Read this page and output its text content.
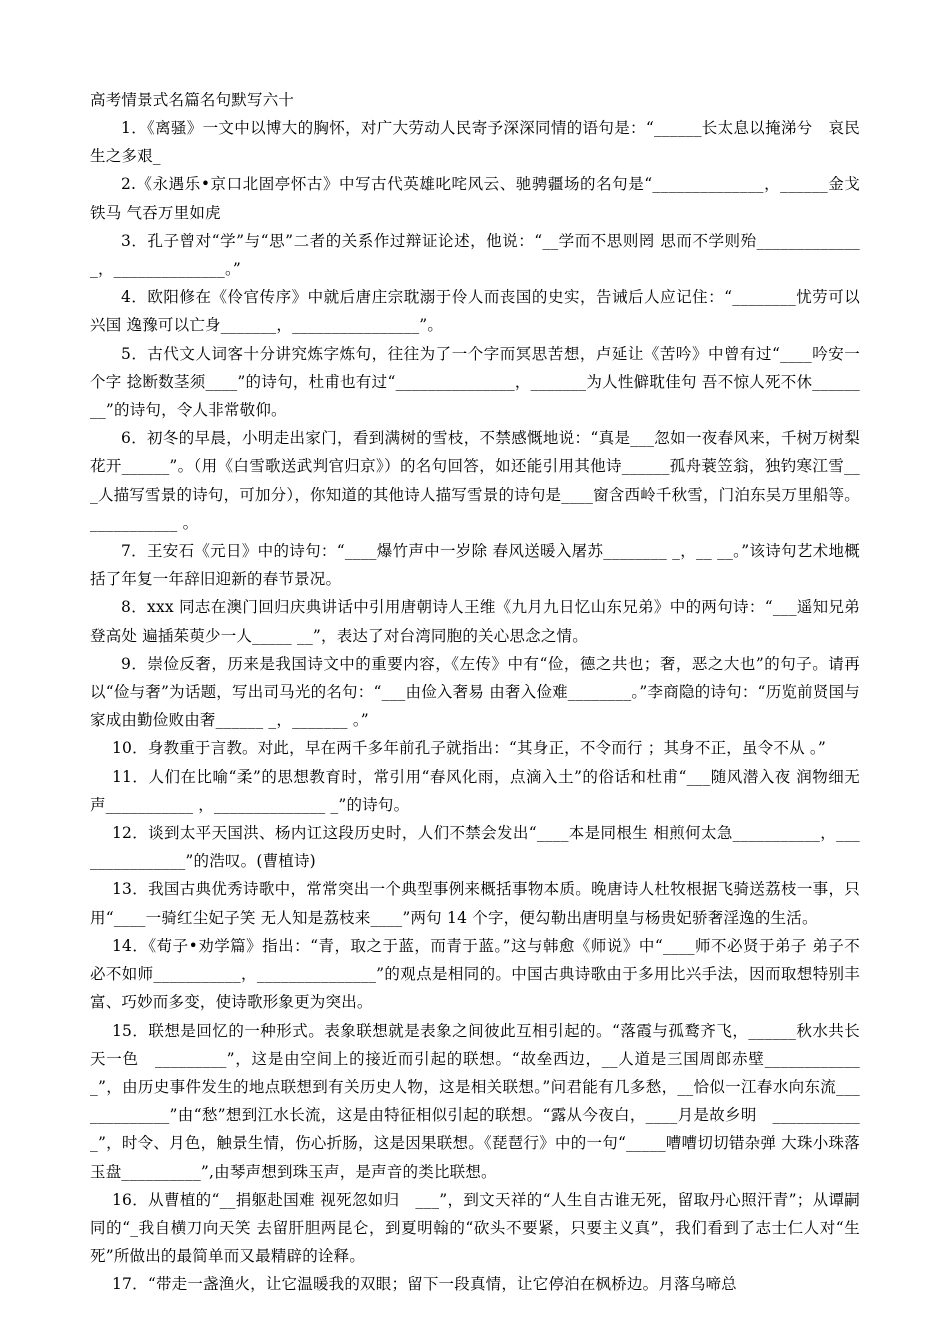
高考情景式名篇名句默写六十

1．《离骚》一文中以博大的胸怀，对广大劳动人民寄予深深同情的语句是：“______长太息以掩涕兮　哀民生之多艰_

2.《永遇乐•京口北固亭怀古》中写古代英雄叱咤风云、驰骋疆场的名句是“______________，______金戈铁马 气吞万里如虎

3．孔子曾对“学”与“思”二者的关系作过辩证论述，他说：“__学而不思则罔 思而不学则殆______________，______________。”

4．欧阳修在《伶官传序》中就后唐庄宗耽溺于伶人而丧国的史实，告诫后人应记住：“________忧劳可以兴国 逸豫可以亡身_______，________________”。

5．古代文人词客十分讲究炼字炼句，往往为了一个字而冥思苦想，卢延让《苦吟》中曾有过“____吟安一个字 捻断数茎须____”的诗句，杜甫也有过“_______________，_______为人性僻耽佳句 吾不惊人死不休________”的诗句，令人非常敬仰。

6．初冬的早晨，小明走出家门，看到满树的雪枝，不禁感慨地说：“真是___忽如一夜春风来，千树万树梨花开______”。（用《白雪歌送武判官归京》）的名句回答，如还能引用其他诗______孤舟蓑笠翁，独钓寒江雪___人描写雪景的诗句，可加分），你知道的其他诗人描写雪景的诗句是____窗含西岭千秋雪，门泊东吴万里船等。 ___________ 。

7．王安石《元日》中的诗句：“____爆竹声中一岁除 春风送暖入屠苏________ _，__ __。”该诗句艺术地概括了年复一年辞旧迎新的春节景况。

8．xxx 同志在澳门回归庆典讲话中引用唐朝诗人王维《九月九日忆山东兄弟》中的两句诗：“___遥知兄弟登高处 遍插茱萸少一人_____ __”，表达了对台湾同胞的关心思念之情。

9．崇俭反奢，历来是我国诗文中的重要内容，《左传》中有“俭，德之共也；奢，恶之大也”的句子。请再以“俭与奢”为话题，写出司马光的名句：“___由俭入奢易 由奢入俭难________。”李商隐的诗句：“历览前贤国与家成由勤俭败由奢______ _，_______ 。”

10．身教重于言教。对此，早在两千多年前孔子就指出：“其身正，不令而行 ；其身不正，虽令不从 。”

11．人们在比喻“柔”的思想教育时，常引用“春风化雨，点滴入土”的俗话和杜甫“___随风潜入夜 润物细无声___________ ，______________ _”的诗句。

12．谈到太平天国洪、杨内讧这段历史时，人们不禁会发出“____本是同根生 相煎何太急___________，_______________”的浩叹。(曹植诗)

13．我国古典优秀诗歌中，常常突出一个典型事例来概括事物本质。晚唐诗人杜牧根据飞骑送荔枝一事，只用“____一骑红尘妃子笑 无人知是荔枝来____”两句 14 个字，便勾勒出唐明皇与杨贵妃骄奢淫逸的生活。

14．《荀子•劝学篇》指出：“青，取之于蓝，而青于蓝。”这与韩愈《师说》中“____师不必贤于弟子 弟子不必不如师___________，_______________”的观点是相同的。中国古典诗歌由于多用比兴手法，因而取想特别丰富、巧妙而多变，使诗歌形象更为突出。

15．联想是回忆的一种形式。表象联想就是表象之间彼此互相引起的。“落霞与孤鹜齐飞，______秋水共长天一色　_________”，这是由空间上的接近而引起的联想。“故垒西边，__人道是三国周郎赤壁_____________”，由历史事件发生的地点联想到有关历史人物，这是相关联想。”问君能有几多愁，__恰似一江春水向东流_____________”由“愁”想到江水长流，这是由特征相似引起的联想。“露从今夜白，____月是故乡明　____________”，时令、月色，触景生情，伤心折肠，这是因果联想。《琵琶行》中的一句“_____嘈嘈切切错杂弹 大珠小珠落玉盘__________”,由琴声想到珠玉声，是声音的类比联想。

16．从曹植的“__捐躯赴国难 视死忽如归　___”，到文天祥的“人生自古谁无死，留取丹心照汗青”；从谭嗣同的“_我自横刀向天笑 去留肝胆两昆仑，到夏明翰的“砍头不要紧，只要主义真”，我们看到了志士仁人对“生死”所做出的最简单而又最精辟的诠释。

17．“带走一盏渔火，让它温暖我的双眼；留下一段真情，让它停泊在枫桥边。月落乌啼总
